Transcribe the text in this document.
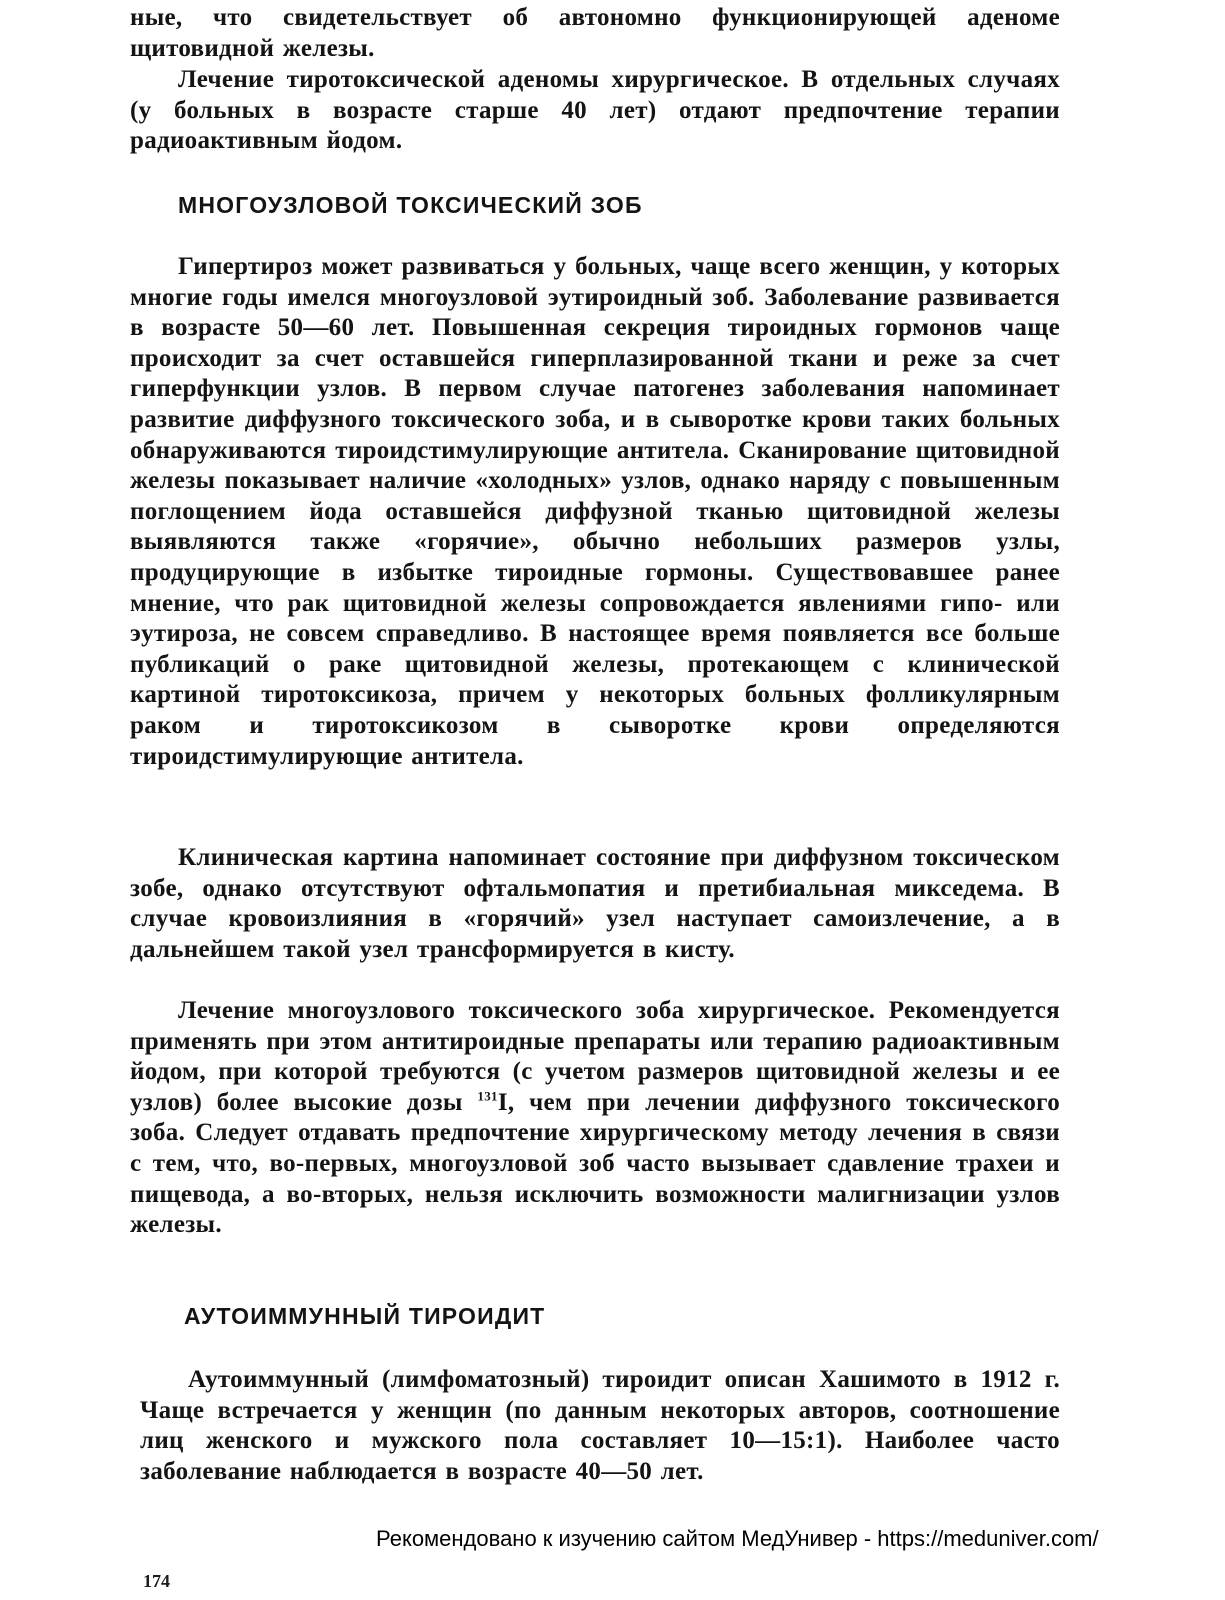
ные, что свидетельствует об автономно функционирующей аденоме щитовидной железы.

Лечение тиротоксической аденомы хирургическое. В отдельных случаях (у больных в возрасте старше 40 лет) отдают предпочтение терапии радиоактивным йодом.

МНОГОУЗЛОВОЙ ТОКСИЧЕСКИЙ ЗОБ

Гипертироз может развиваться у больных, чаще всего женщин, у которых многие годы имелся многоузловой эутироидный зоб. Заболевание развивается в возрасте 50—60 лет. Повышенная секреция тироидных гормонов чаще происходит за счет оставшейся гиперплазированной ткани и реже за счет гиперфункции узлов. В первом случае патогенез заболевания напоминает развитие диффузного токсического зоба, и в сыворотке крови таких больных обнаруживаются тироидстимулирующие антитела. Сканирование щитовидной железы показывает наличие «холодных» узлов, однако наряду с повышенным поглощением йода оставшейся диффузной тканью щитовидной железы выявляются также «горячие», обычно небольших размеров узлы, продуцирующие в избытке тироидные гормоны. Существовавшее ранее мнение, что рак щитовидной железы сопровождается явлениями гипо- или эутироза, не совсем справедливо. В настоящее время появляется все больше публикаций о раке щитовидной железы, протекающем с клинической картиной тиротоксикоза, причем у некоторых больных фолликулярным раком и тиротоксикозом в сыворотке крови определяются тироидстимулирующие антитела.

Клиническая картина напоминает состояние при диффузном токсическом зобе, однако отсутствуют офтальмопатия и претибиальная микседема. В случае кровоизлияния в «горячий» узел наступает самоизлечение, а в дальнейшем такой узел трансформируется в кисту.

Лечение многоузлового токсического зоба хирургическое. Рекомендуется применять при этом антитироидные препараты или терапию радиоактивным йодом, при которой требуются (с учетом размеров щитовидной железы и ее узлов) более высокие дозы $^{131}$I, чем при лечении диффузного токсического зоба. Следует отдавать предпочтение хирургическому методу лечения в связи с тем, что, во-первых, многоузловой зоб часто вызывает сдавление трахеи и пищевода, а во-вторых, нельзя исключить возможности малигнизации узлов железы.

АУТОИММУННЫЙ ТИРОИДИТ

Аутоиммунный (лимфоматозный) тироидит описан Хашимото в 1912 г. Чаще встречается у женщин (по данным некоторых авторов, соотношение лиц женского и мужского пола составляет 10—15:1). Наиболее часто заболевание наблюдается в возрасте 40—50 лет.

Рекомендовано к изучению сайтом МедУнивер - https://meduniver.com/
174
